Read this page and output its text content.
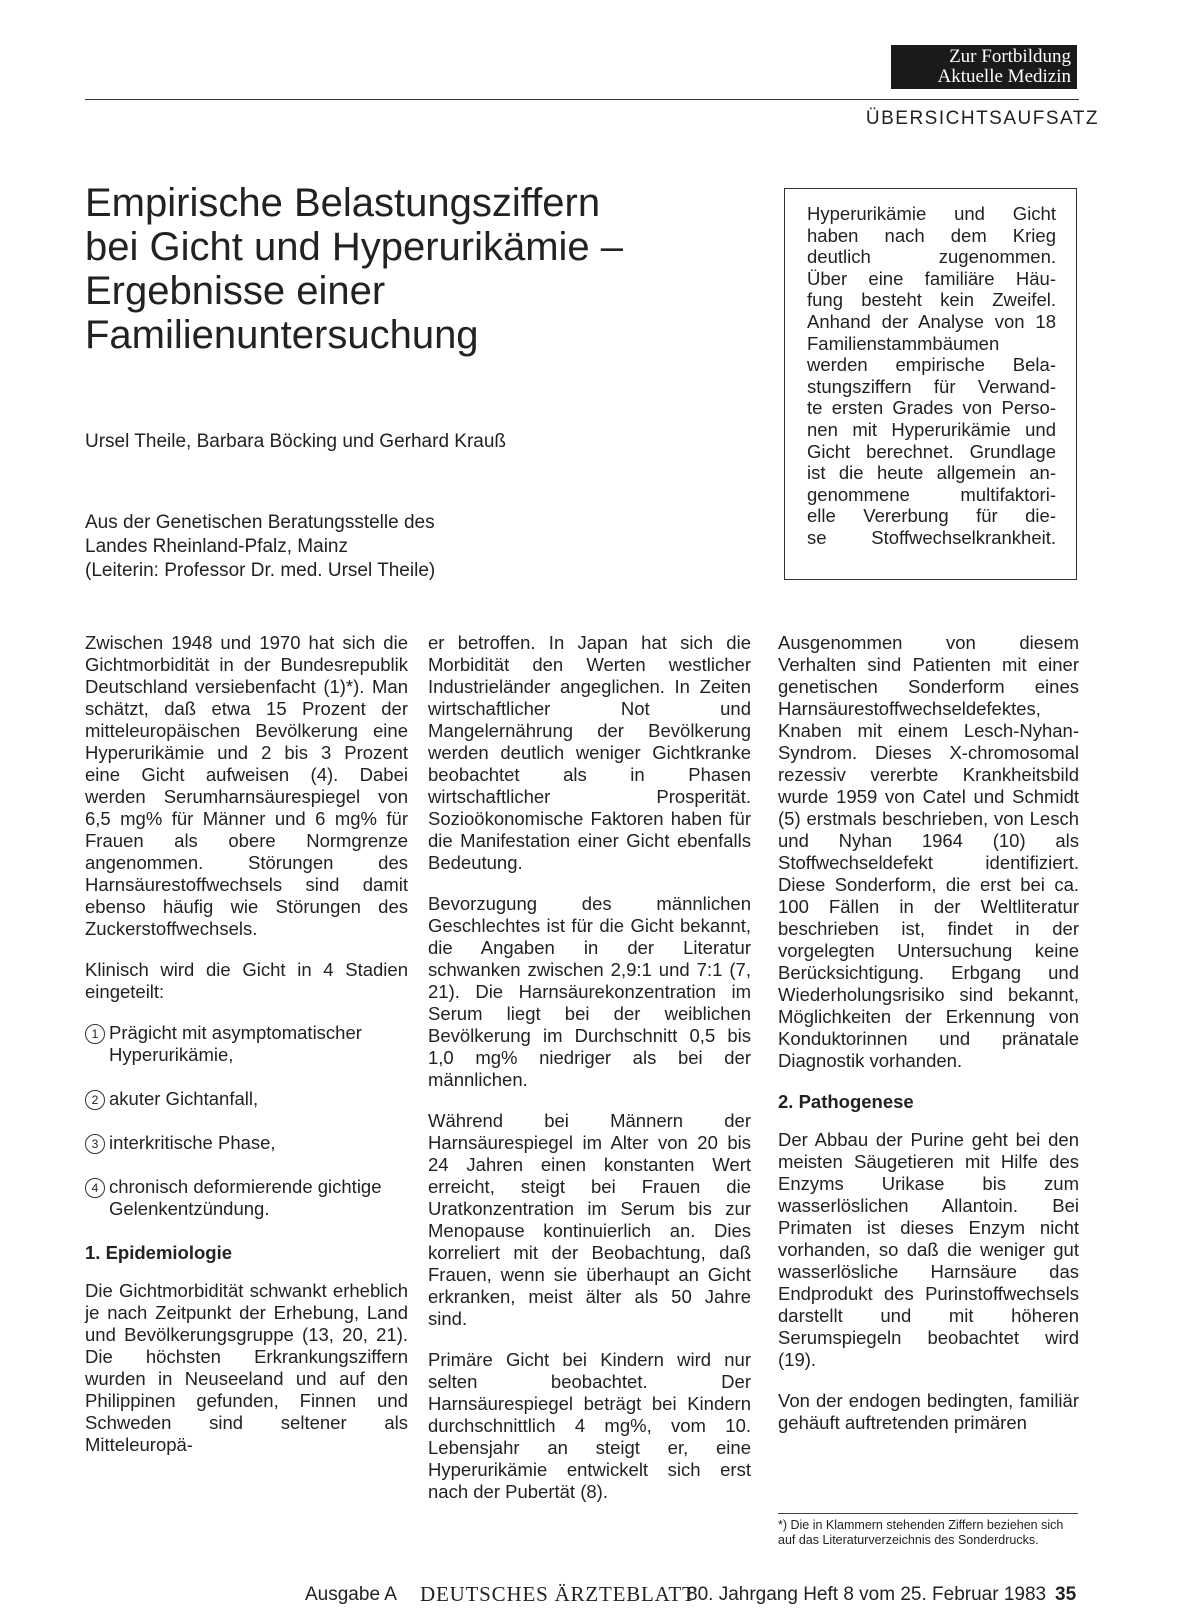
Zur Fortbildung
Aktuelle Medizin
ÜBERSICHTSAUFSATZ
Empirische Belastungsziffern
bei Gicht und Hyperurikämie –
Ergebnisse einer
Familienuntersuchung
Ursel Theile, Barbara Böcking und Gerhard Krauß
Aus der Genetischen Beratungsstelle des
Landes Rheinland-Pfalz, Mainz
(Leiterin: Professor Dr. med. Ursel Theile)
Hyperurikämie und Gicht
haben nach dem Krieg
deutlich zugenommen.
Über eine familiäre Häu-
fung besteht kein Zweifel.
Anhand der Analyse von 18
Familienstammbäumen
werden empirische Bela-
stungsziffern für Verwand-
te ersten Grades von Perso-
nen mit Hyperurikämie und
Gicht berechnet. Grundlage
ist die heute allgemein an-
genommene multifaktori-
elle Vererbung für die-
se Stoffwechselkrankheit.

Zwischen 1948 und 1970 hat sich die Gichtmorbidität in der Bundesrepublik Deutschland versiebenfacht (1)*). Man schätzt, daß etwa 15 Prozent der mitteleuropäischen Bevölkerung eine Hyperurikämie und 2 bis 3 Prozent eine Gicht aufweisen (4). Dabei werden Serumharnsäurespiegel von 6,5 mg% für Männer und 6 mg% für Frauen als obere Normgrenze angenommen. Störungen des Harnsäurestoffwechsels sind damit ebenso häufig wie Störungen des Zuckerstoffwechsels.

Klinisch wird die Gicht in 4 Stadien eingeteilt:

1 Prägicht mit asymptomatischer Hyperurikämie,
2 akuter Gichtanfall,
3 interkritische Phase,
4 chronisch deformierende gichtige Gelenkentzündung.
1. Epidemiologie

Die Gichtmorbidität schwankt erheblich je nach Zeitpunkt der Erhebung, Land und Bevölkerungsgruppe (13, 20, 21). Die höchsten Erkrankungsziffern wurden in Neuseeland und auf den Philippinen gefunden, Finnen und Schweden sind seltener als Mitteleuropä-

er betroffen. In Japan hat sich die Morbidität den Werten westlicher Industrieländer angeglichen. In Zeiten wirtschaftlicher Not und Mangelernährung der Bevölkerung werden deutlich weniger Gichtkranke beobachtet als in Phasen wirtschaftlicher Prosperität. Sozioökonomische Faktoren haben für die Manifestation einer Gicht ebenfalls Bedeutung.

Bevorzugung des männlichen Geschlechtes ist für die Gicht bekannt, die Angaben in der Literatur schwanken zwischen 2,9:1 und 7:1 (7, 21). Die Harnsäurekonzentration im Serum liegt bei der weiblichen Bevölkerung im Durchschnitt 0,5 bis 1,0 mg% niedriger als bei der männlichen.

Während bei Männern der Harnsäurespiegel im Alter von 20 bis 24 Jahren einen konstanten Wert erreicht, steigt bei Frauen die Uratkonzentration im Serum bis zur Menopause kontinuierlich an. Dies korreliert mit der Beobachtung, daß Frauen, wenn sie überhaupt an Gicht erkranken, meist älter als 50 Jahre sind.

Primäre Gicht bei Kindern wird nur selten beobachtet. Der Harnsäurespiegel beträgt bei Kindern durchschnittlich 4 mg%, vom 10. Lebensjahr an steigt er, eine Hyperurikämie entwickelt sich erst nach der Pubertät (8).

Ausgenommen von diesem Verhalten sind Patienten mit einer genetischen Sonderform eines Harnsäurestoffwechseldefektes, Knaben mit einem Lesch-Nyhan-Syndrom. Dieses X-chromosomal rezessiv vererbte Krankheitsbild wurde 1959 von Catel und Schmidt (5) erstmals beschrieben, von Lesch und Nyhan 1964 (10) als Stoffwechseldefekt identifiziert. Diese Sonderform, die erst bei ca. 100 Fällen in der Weltliteratur beschrieben ist, findet in der vorgelegten Untersuchung keine Berücksichtigung. Erbgang und Wiederholungsrisiko sind bekannt, Möglichkeiten der Erkennung von Konduktorinnen und pränatale Diagnostik vorhanden.

2. Pathogenese

Der Abbau der Purine geht bei den meisten Säugetieren mit Hilfe des Enzyms Urikase bis zum wasserlöslichen Allantoin. Bei Primaten ist dieses Enzym nicht vorhanden, so daß die weniger gut wasserlösliche Harnsäure das Endprodukt des Purinstoffwechsels darstellt und mit höheren Serumspiegeln beobachtet wird (19).

Von der endogen bedingten, familiär gehäuft auftretenden primären

*) Die in Klammern stehenden Ziffern beziehen sich auf das Literaturverzeichnis des Sonderdrucks.
Ausgabe A DEUTSCHES ÄRZTEBLATT
80. Jahrgang Heft 8 vom 25. Februar 1983 35
